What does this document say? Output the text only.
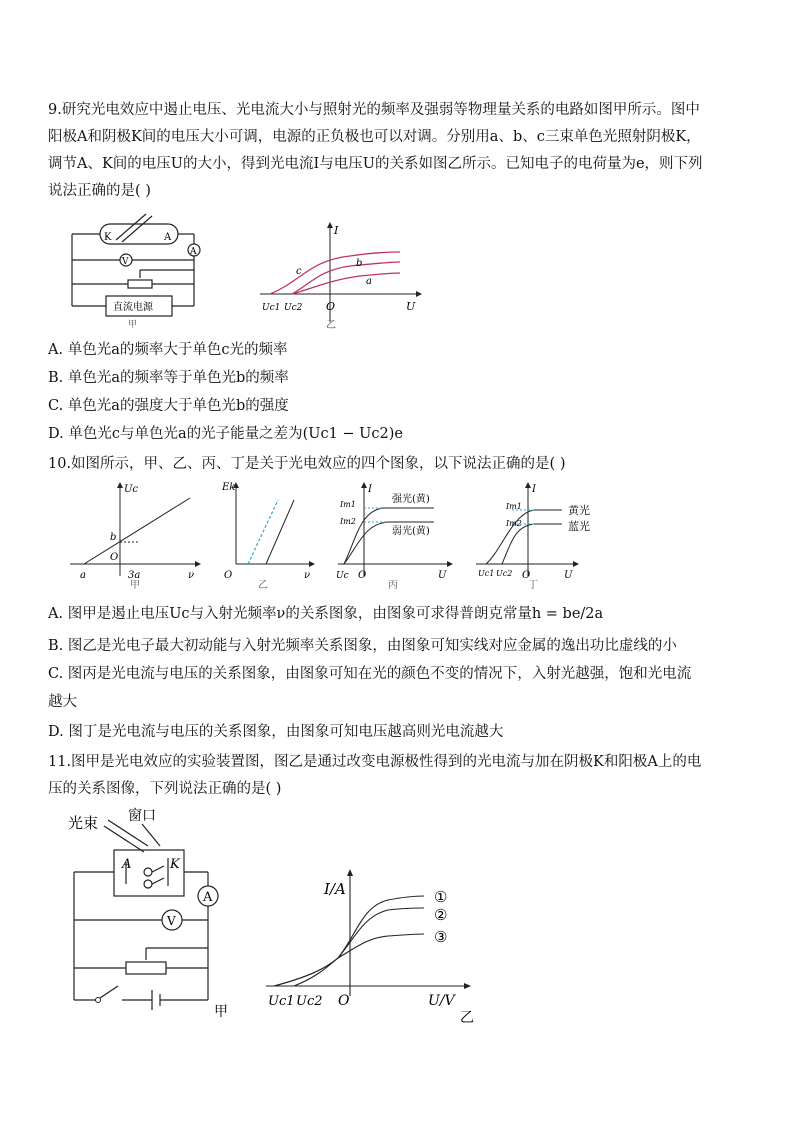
9.研究光电效应中遏止电压、光电流大小与照射光的频率及强弱等物理量关系的电路如图甲所示。图中
阳极A和阴极K间的电压大小可调，电源的正负极也可以对调。分别用a、b、c三束单色光照射阴极K，
调节A、K间的电压U的大小，得到光电流I与电压U的关系如图乙所示。已知电子的电荷量为e，则下列
说法正确的是( )
K	A
A
V
直流电源
甲
I
U
O
c
b
a
Uc1 Uc2
乙
A. 单色光a的频率大于单色c光的频率
B. 单色光a的频率等于单色光b的频率
C. 单色光a的强度大于单色光b的强度
D. 单色光c与单色光a的光子能量之差为(Uc1 − Uc2)e
10.如图所示，甲、乙、丙、丁是关于光电效应的四个图象，以下说法正确的是( )
Uc
b
O
a	3a	ν
甲
Ek
O	ν
乙
I
Im1
Im2
强光(黄)
弱光(黄)
Uc O	U
丙
I
Im1
Im2
黄光
蓝光
Uc1 Uc2 O	U
丁
A. 图甲是遏止电压Uc与入射光频率ν的关系图象，由图象可求得普朗克常量h = be/2a
B. 图乙是光电子最大初动能与入射光频率关系图象，由图象可知实线对应金属的逸出功比虚线的小
C. 图丙是光电流与电压的关系图象，由图象可知在光的颜色不变的情况下，入射光越强，饱和光电流
越大
D. 图丁是光电流与电压的关系图象，由图象可知电压越高则光电流越大
11.图甲是光电效应的实验装置图，图乙是通过改变电源极性得到的光电流与加在阴极K和阳极A上的电
压的关系图像，下列说法正确的是( )
光束 窗口
A	K
A
V
甲
I/A
U/V
O
Uc1 Uc2
①
②
③
乙
